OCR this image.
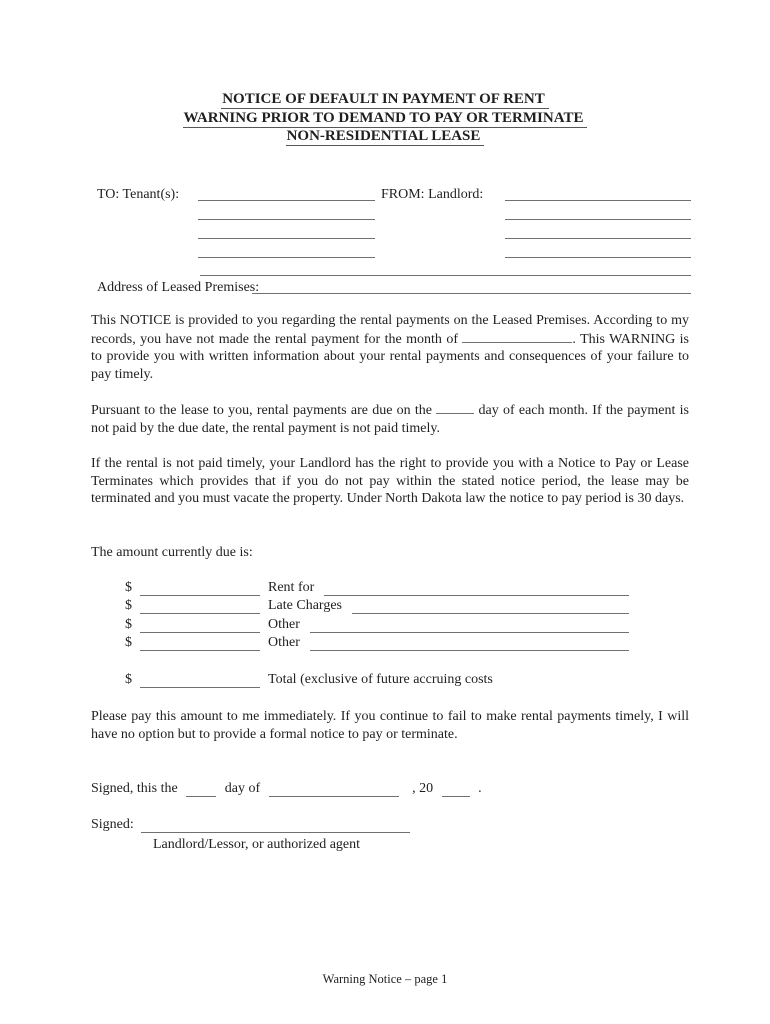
NOTICE OF DEFAULT IN PAYMENT OF RENT
WARNING PRIOR TO DEMAND TO PAY OR TERMINATE
NON-RESIDENTIAL LEASE
TO: Tenant(s):	FROM: Landlord:
Address of Leased Premises:

This NOTICE is provided to you regarding the rental payments on the Leased Premises. According to my records, you have not made the rental payment for the month of	. This WARNING is to provide you with written information about your rental payments and consequences of your failure to pay timely.

Pursuant to the lease to you, rental payments are due on the	day of each month. If the payment is not paid by the due date, the rental payment is not paid timely.

If the rental is not paid timely, your Landlord has the right to provide you with a Notice to Pay or Lease Terminates which provides that if you do not pay within the stated notice period, the lease may be terminated and you must vacate the property. Under North Dakota law the notice to pay period is 30 days.

The amount currently due is:

$	Rent for
$	Late Charges
$	Other
$	Other
$	Total (exclusive of future accruing costs

Please pay this amount to me immediately. If you continue to fail to make rental payments timely, I will have no option but to provide a formal notice to pay or terminate.

Signed, this the	day of	, 20	.
Signed:
Landlord/Lessor, or authorized agent
Warning Notice – page 1
